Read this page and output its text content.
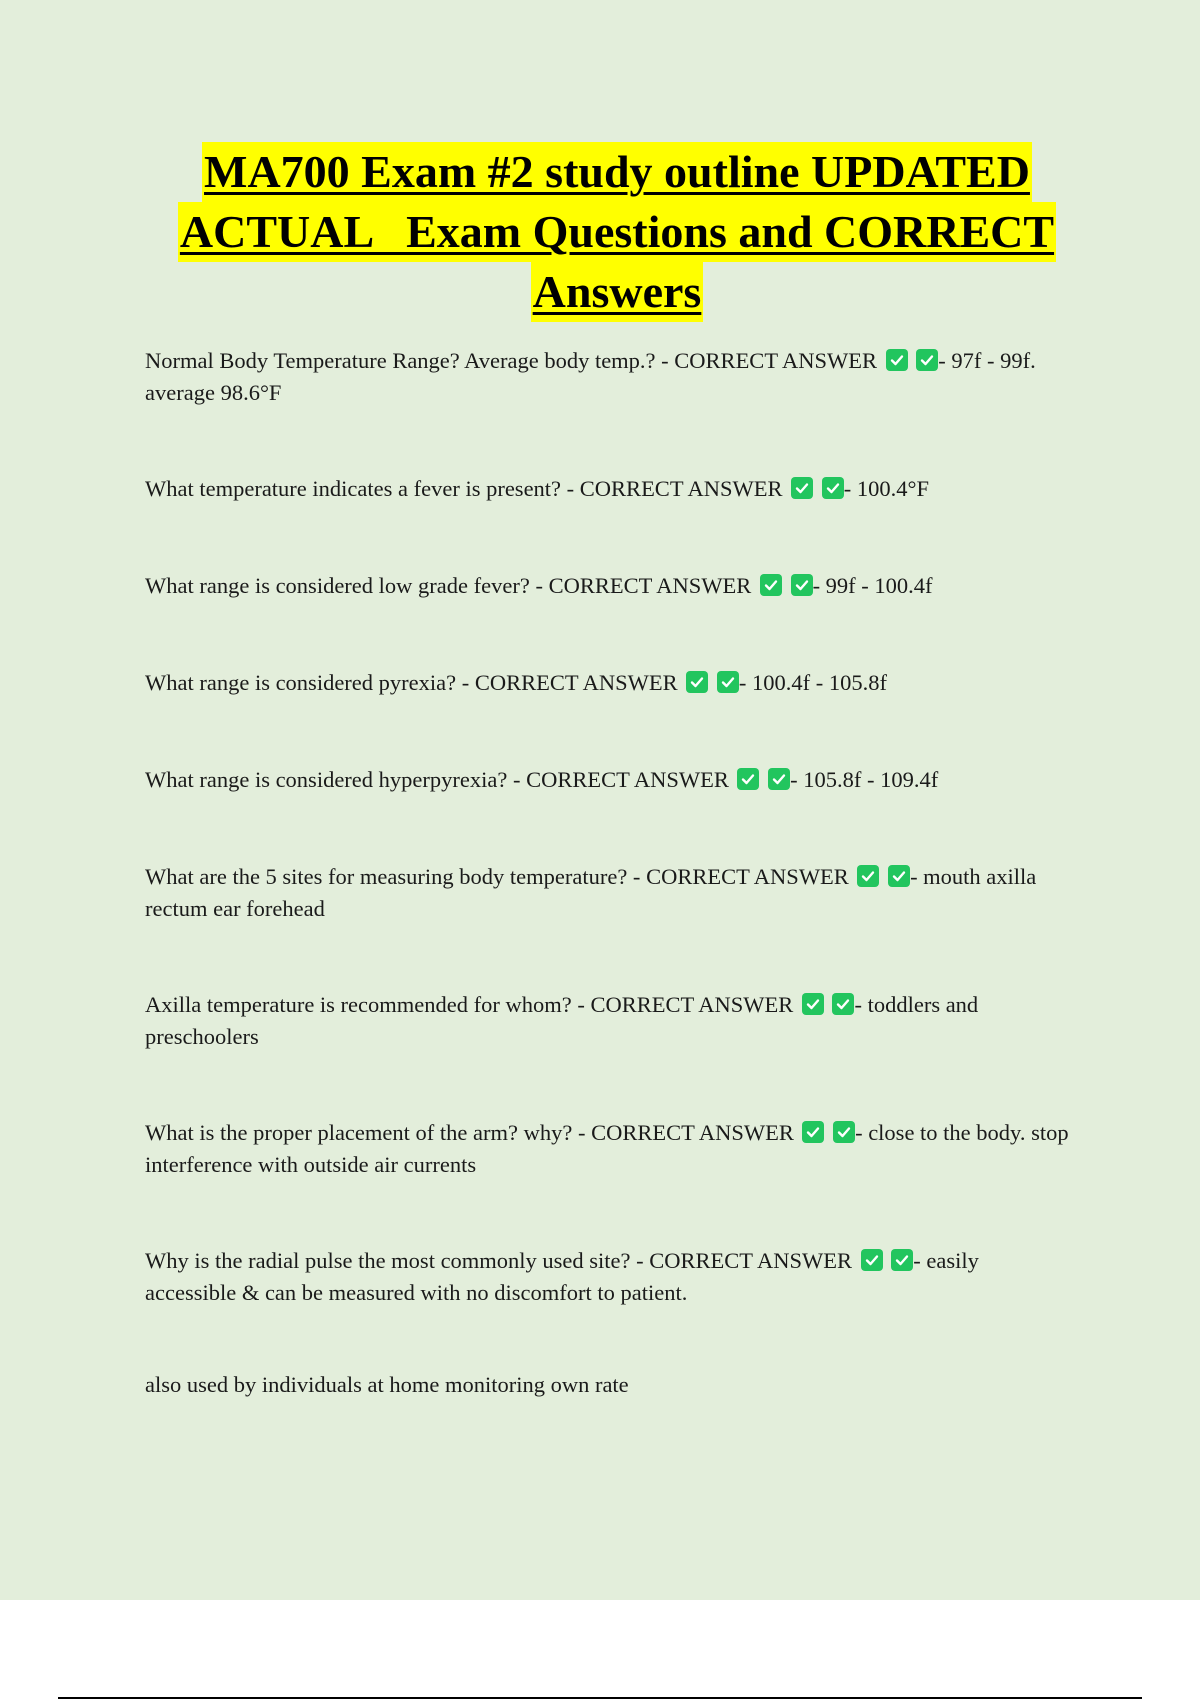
MA700 Exam #2 study outline UPDATED
ACTUAL   Exam Questions and CORRECT
Answers

Normal Body Temperature Range? Average body temp.? - CORRECT ANSWER
	- 97f - 99f. average 98.6°F

What temperature indicates a fever is present? - CORRECT ANSWER
	- 100.4°F

What range is considered low grade fever? - CORRECT ANSWER
	- 99f - 100.4f

What range is considered pyrexia? - CORRECT ANSWER
	- 100.4f - 105.8f

What range is considered hyperpyrexia? - CORRECT ANSWER
	- 105.8f - 109.4f

What are the 5 sites for measuring body temperature? - CORRECT ANSWER
	- mouth axilla rectum ear forehead

Axilla temperature is recommended for whom? - CORRECT ANSWER
	- toddlers and preschoolers

What is the proper placement of the arm? why? - CORRECT ANSWER
	- close to the body. stop interference with outside air currents

Why is the radial pulse the most commonly used site? - CORRECT ANSWER
	- easily accessible & can be measured with no discomfort to patient.

also used by individuals at home monitoring own rate
